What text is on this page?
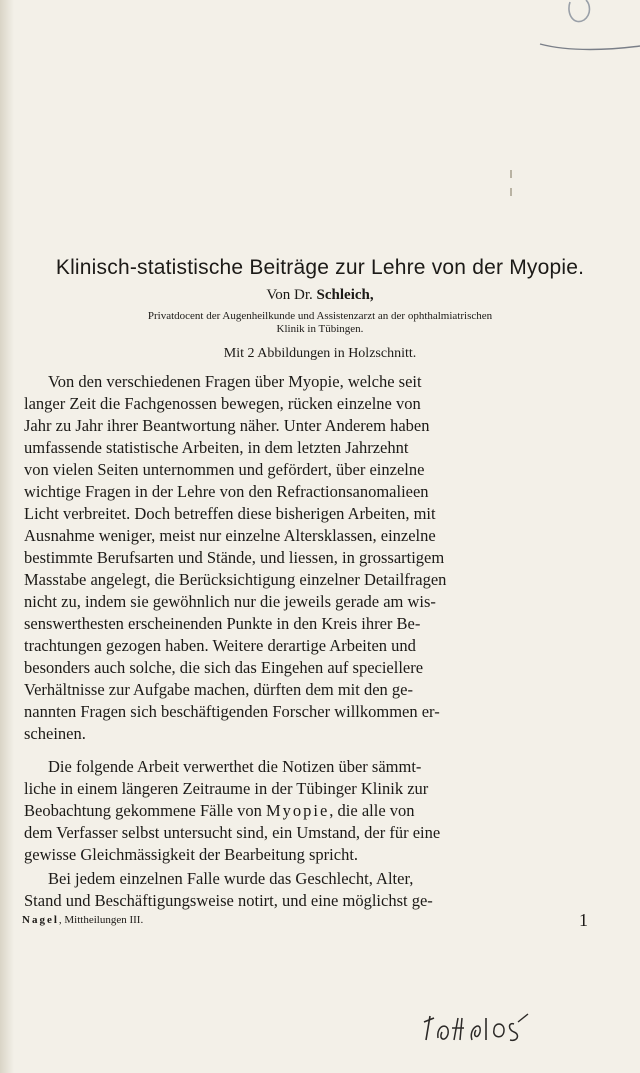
Klinisch-statistische Beiträge zur Lehre von der Myopie.
Von Dr. Schleich,
Privatdocent der Augenheilkunde und Assistenzarzt an der ophthalmiatrischen
Klinik in Tübingen.
Mit 2 Abbildungen in Holzschnitt.
Von den verschiedenen Fragen über Myopie, welche seit
langer Zeit die Fachgenossen bewegen, rücken einzelne von
Jahr zu Jahr ihrer Beantwortung näher. Unter Anderem haben
umfassende statistische Arbeiten, in dem letzten Jahrzehnt
von vielen Seiten unternommen und gefördert, über einzelne
wichtige Fragen in der Lehre von den Refractionsanomalieen
Licht verbreitet. Doch betreffen diese bisherigen Arbeiten, mit
Ausnahme weniger, meist nur einzelne Altersklassen, einzelne
bestimmte Berufsarten und Stände, und liessen, in grossartigem
Masstabe angelegt, die Berücksichtigung einzelner Detailfragen
nicht zu, indem sie gewöhnlich nur die jeweils gerade am wis-
senswerthesten erscheinenden Punkte in den Kreis ihrer Be-
trachtungen gezogen haben. Weitere derartige Arbeiten und
besonders auch solche, die sich das Eingehen auf speciellere
Verhältnisse zur Aufgabe machen, dürften dem mit den ge-
nannten Fragen sich beschäftigenden Forscher willkommen er-
scheinen.
Die folgende Arbeit verwerthet die Notizen über sämmt-
liche in einem längeren Zeitraume in der Tübinger Klinik zur
Beobachtung gekommene Fälle von Myopie, die alle von
dem Verfasser selbst untersucht sind, ein Umstand, der für eine
gewisse Gleichmässigkeit der Bearbeitung spricht.
Bei jedem einzelnen Falle wurde das Geschlecht, Alter,
Stand und Beschäftigungsweise notirt, und eine möglichst ge-
Nagel, Mittheilungen III.	1
